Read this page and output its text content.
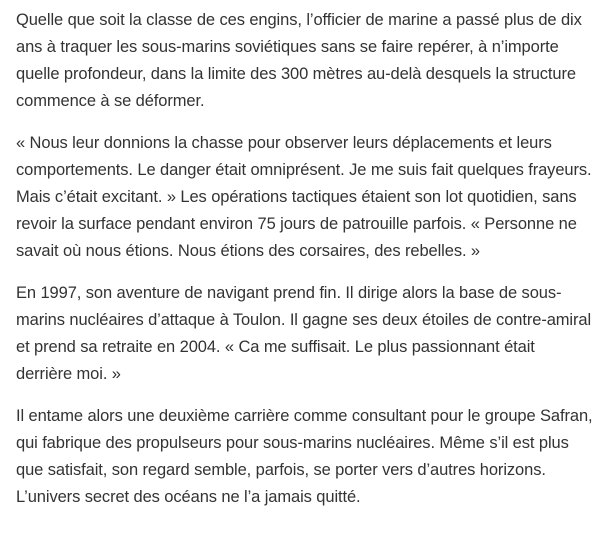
Quelle que soit la classe de ces engins, l’officier de marine a passé plus de dix ans à traquer les sous-marins soviétiques sans se faire repérer, à n’importe quelle profondeur, dans la limite des 300 mètres au-delà desquels la structure commence à se déformer.

« Nous leur donnions la chasse pour observer leurs déplacements et leurs comportements. Le danger était omniprésent. Je me suis fait quelques frayeurs. Mais c’était excitant. » Les opérations tactiques étaient son lot quotidien, sans revoir la surface pendant environ 75 jours de patrouille parfois. « Personne ne savait où nous étions. Nous étions des corsaires, des rebelles. »

En 1997, son aventure de navigant prend fin. Il dirige alors la base de sous-marins nucléaires d’attaque à Toulon. Il gagne ses deux étoiles de contre-amiral et prend sa retraite en 2004. « Ca me suffisait. Le plus passionnant était derrière moi. »

Il entame alors une deuxième carrière comme consultant pour le groupe Safran, qui fabrique des propulseurs pour sous-marins nucléaires. Même s’il est plus que satisfait, son regard semble, parfois, se porter vers d’autres horizons. L’univers secret des océans ne l’a jamais quitté.
